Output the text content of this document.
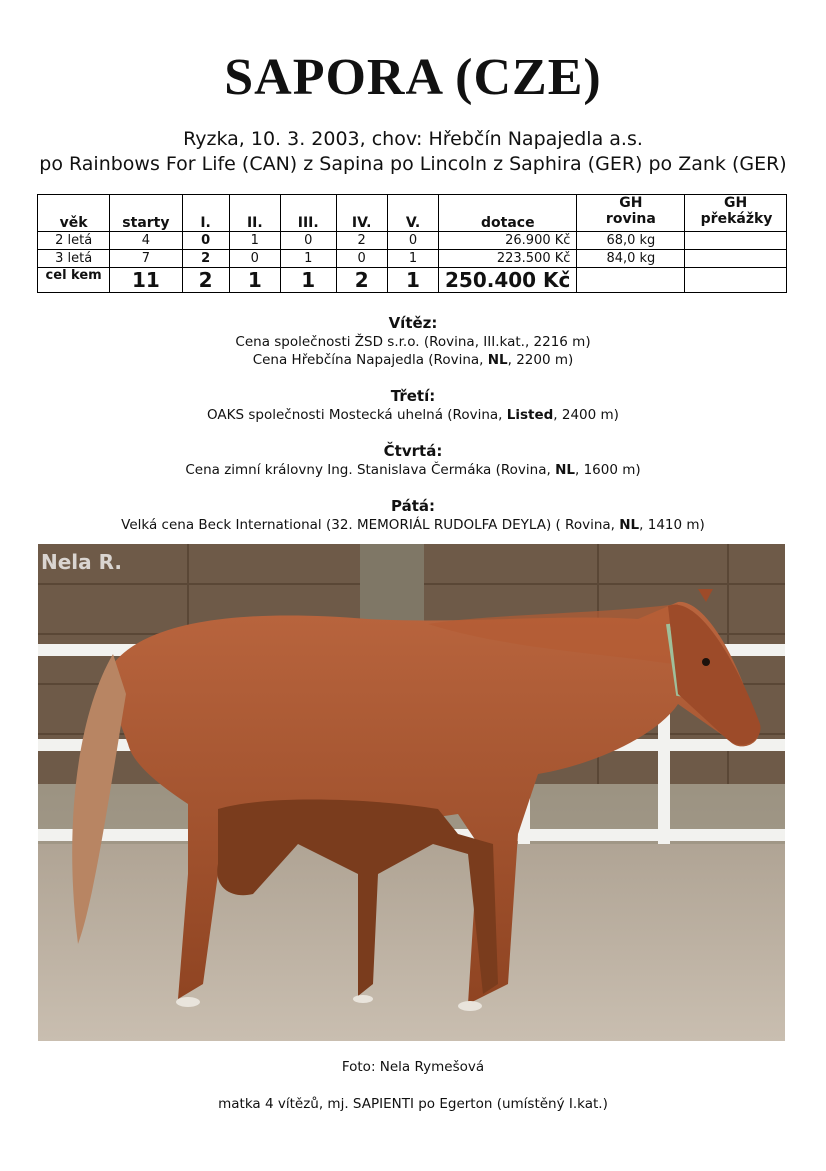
SAPORA (CZE)
Ryzka, 10. 3. 2003, chov: Hřebčín Napajedla a.s.
po Rainbows For Life (CAN) z Sapina po Lincoln z Saphira (GER) po Zank (GER)
věk	starty	I.	II.	III.	IV.	V.	dotace	GH rovina	GH překážky
2 letá	4	0	1	0	2	0	26.900 Kč	68,0 kg	
3 letá	7	2	0	1	0	1	223.500 Kč	84,0 kg	
cel kem	11	2	1	1	2	1	250.400 Kč		
Vítěz:
Cena společnosti ŽSD s.r.o. (Rovina, III.kat., 2216 m)
Cena Hřebčína Napajedla (Rovina, NL, 2200 m)
Třetí:
OAKS společnosti Mostecká uhelná (Rovina, Listed, 2400 m)
Čtvrtá:
Cena zimní královny Ing. Stanislava Čermáka (Rovina, NL, 1600 m)
Pátá:
Velká cena Beck International (32. MEMORIÁL RUDOLFA DEYLA) ( Rovina, NL, 1410 m)
Nela R.
Foto: Nela Rymešová
matka 4 vítězů, mj. SAPIENTI po Egerton (umístěný I.kat.)
